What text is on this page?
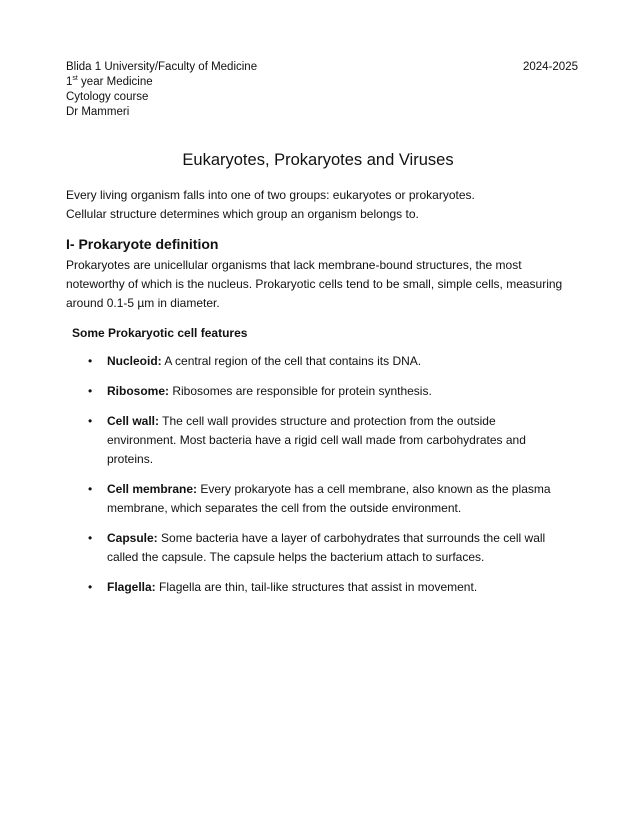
Blida 1 University/Faculty of Medicine
1st year Medicine
Cytology course
Dr Mammeri
2024-2025
Eukaryotes, Prokaryotes and Viruses

Every living organism falls into one of two groups: eukaryotes or prokaryotes.

Cellular structure determines which group an organism belongs to.

I- Prokaryote definition
Prokaryotes are unicellular organisms that lack membrane-bound structures, the most noteworthy of which is the nucleus. Prokaryotic cells tend to be small, simple cells, measuring around 0.1-5 µm in diameter.
Some Prokaryotic cell features
• Nucleoid: A central region of the cell that contains its DNA.
• Ribosome: Ribosomes are responsible for protein synthesis.
• Cell wall: The cell wall provides structure and protection from the outside environment. Most bacteria have a rigid cell wall made from carbohydrates and proteins.
• Cell membrane: Every prokaryote has a cell membrane, also known as the plasma membrane, which separates the cell from the outside environment.
• Capsule: Some bacteria have a layer of carbohydrates that surrounds the cell wall called the capsule. The capsule helps the bacterium attach to surfaces.
• Flagella: Flagella are thin, tail-like structures that assist in movement.
